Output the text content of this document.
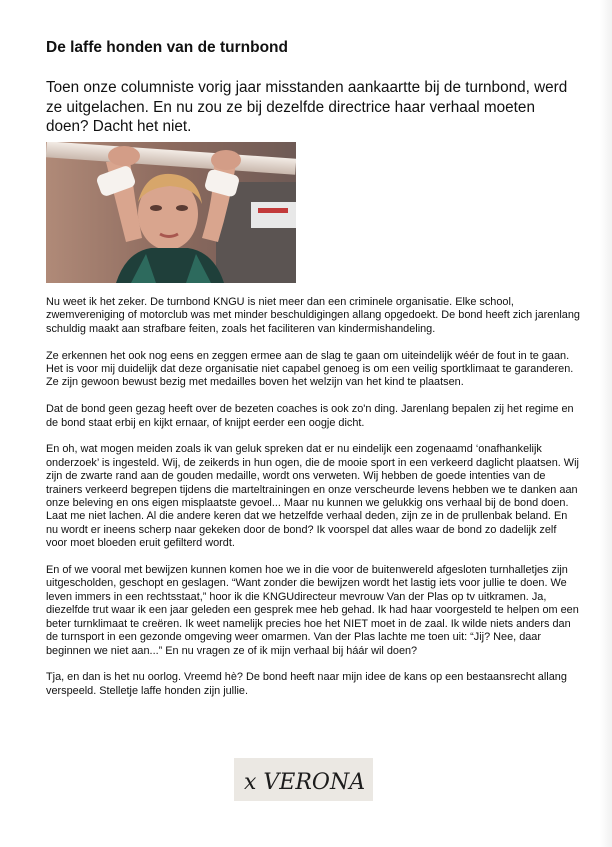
De laffe honden van de turnbond

Toen onze columniste vorig jaar misstanden aankaartte bij de turnbond, werd ze uitgelachen. En nu zou ze bij dezelfde directrice haar verhaal moeten doen? Dacht het niet.

Nu weet ik het zeker. De turnbond KNGU is niet meer dan een criminele organisatie. Elke school, zwemvereniging of motorclub was met minder beschuldigingen allang opgedoekt. De bond heeft zich jarenlang schuldig maakt aan strafbare feiten, zoals het faciliteren van kindermishandeling.

Ze erkennen het ook nog eens en zeggen ermee aan de slag te gaan om uiteindelijk wéér de fout in te gaan. Het is voor mij duidelijk dat deze organisatie niet capabel genoeg is om een veilig sportklimaat te garanderen. Ze zijn gewoon bewust bezig met medailles boven het welzijn van het kind te plaatsen.

Dat de bond geen gezag heeft over de bezeten coaches is ook zo'n ding. Jarenlang bepalen zij het regime en de bond staat erbij en kijkt ernaar, of knijpt eerder een oogje dicht.

En oh, wat mogen meiden zoals ik van geluk spreken dat er nu eindelijk een zogenaamd ‘onafhankelijk onderzoek’ is ingesteld. Wij, de zeikerds in hun ogen, die de mooie sport in een verkeerd daglicht plaatsen. Wij zijn de zwarte rand aan de gouden medaille, wordt ons verweten. Wij hebben de goede intenties van de trainers verkeerd begrepen tijdens die marteltrainingen en onze verscheurde levens hebben we te danken aan onze beleving en ons eigen misplaatste gevoel... Maar nu kunnen we gelukkig ons verhaal bij de bond doen. Laat me niet lachen. Al die andere keren dat we hetzelfde verhaal deden, zijn ze in de prullenbak beland. En nu wordt er ineens scherp naar gekeken door de bond? Ik voorspel dat alles waar de bond zo dadelijk zelf voor moet bloeden eruit gefilterd wordt.

En of we vooral met bewijzen kunnen komen hoe we in die voor de buitenwereld afgesloten turnhalletjes zijn uitgescholden, geschopt en geslagen. “Want zonder die bewijzen wordt het lastig iets voor jullie te doen. We leven immers in een rechtsstaat,” hoor ik die KNGUdirecteur mevrouw Van der Plas op tv uitkramen. Ja, diezelfde trut waar ik een jaar geleden een gesprek mee heb gehad. Ik had haar voorgesteld te helpen om een beter turnklimaat te creëren. Ik weet namelijk precies hoe het NIET moet in de zaal. Ik wilde niets anders dan de turnsport in een gezonde omgeving weer omarmen. Van der Plas lachte me toen uit: “Jij? Nee, daar beginnen we niet aan...” En nu vragen ze of ik mijn verhaal bij háár wil doen?

Tja, en dan is het nu oorlog. Vreemd hè? De bond heeft naar mijn idee de kans op een bestaansrecht allang verspeeld. Stelletje laffe honden zijn jullie.

x VERONA
